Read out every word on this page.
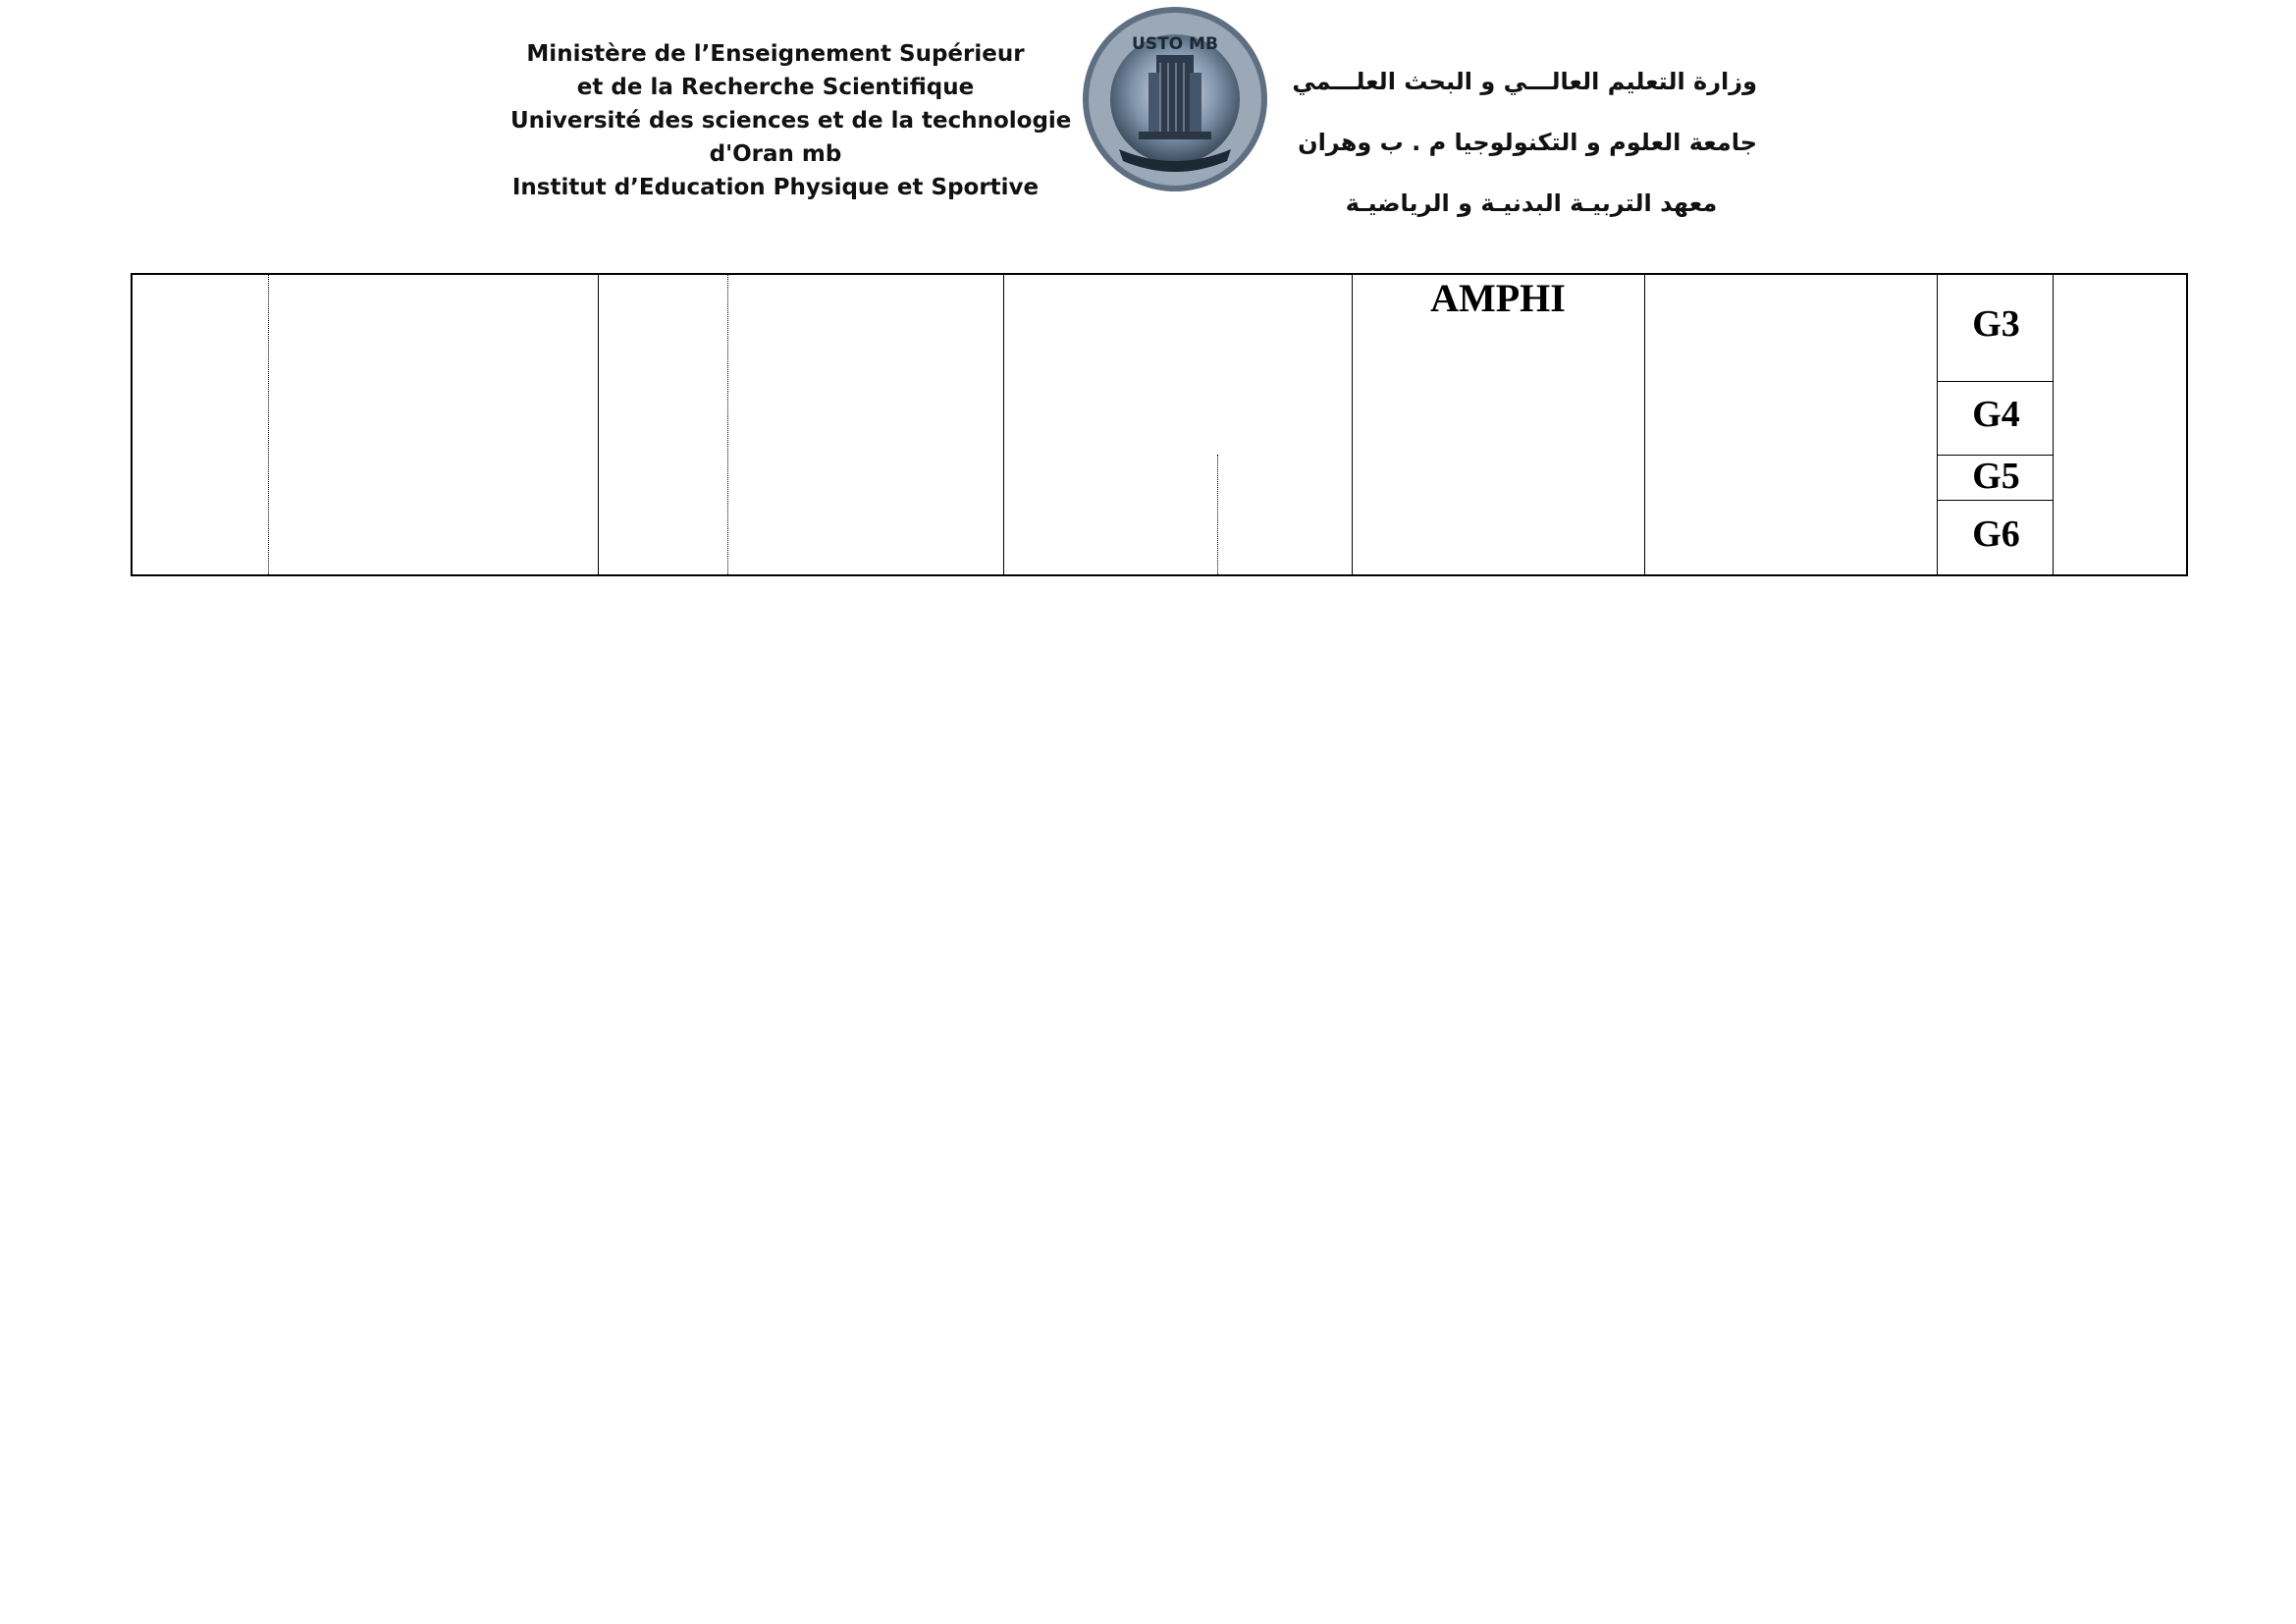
Ministère de l’Enseignement Supérieur
et de la Recherche Scientifique
Université des sciences et de la technologie
d'Oran mb
Institut d’Education Physique et Sportive
USTO MB
وزارة التعليم العالـــي و البحث العلـــمي
جامعة العلوم و التكنولوجيا م . ب وهران
معهد التربيـة البدنيـة و الرياضيـة
AMPHI
G3
G4
G5
G6
